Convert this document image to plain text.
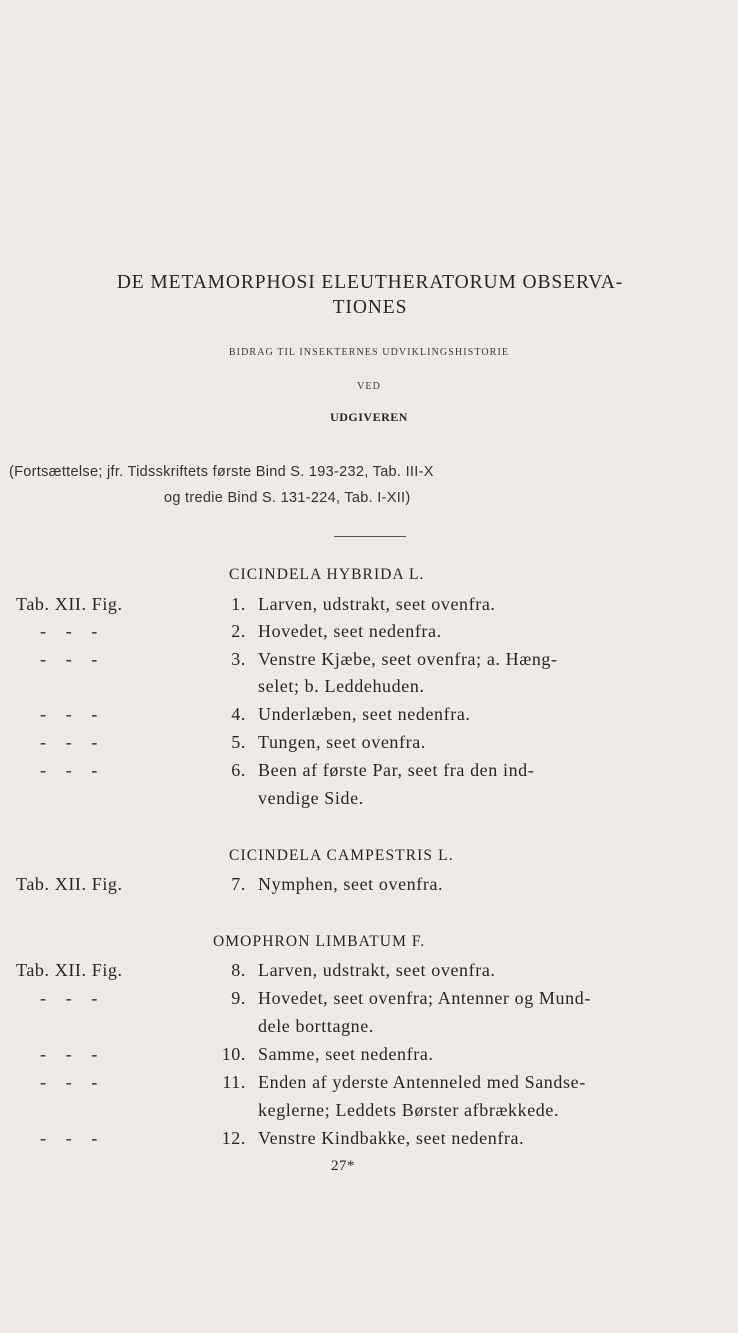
DE METAMORPHOSI ELEUTHERATORUM OBSERVA-
TIONES
BIDRAG TIL INSEKTERNES UDVIKLINGSHISTORIE
VED
UDGIVEREN
(Fortsættelse; jfr. Tidsskriftets første Bind S. 193-232, Tab. III-X
og tredie Bind S. 131-224, Tab. I-XII)
CICINDELA HYBRIDA L.
Tab. XII. Fig.	1. Larven, udstrakt, seet ovenfra.
- - -	2. Hovedet, seet nedenfra.
- - -	3. Venstre Kjæbe, seet ovenfra; a. Hæng-
selet; b. Leddehuden.
- - -	4. Underlæben, seet nedenfra.
- - -	5. Tungen, seet ovenfra.
- - -	6. Been af første Par, seet fra den ind-
vendige Side.
CICINDELA CAMPESTRIS L.
Tab. XII. Fig.	7. Nymphen, seet ovenfra.
OMOPHRON LIMBATUM F.
Tab. XII. Fig.	8. Larven, udstrakt, seet ovenfra.
- - -	9. Hovedet, seet ovenfra; Antenner og Mund-
dele borttagne.
- - -	10. Samme, seet nedenfra.
- - -	11. Enden af yderste Antenneled med Sandse-
keglerne; Leddets Børster afbrækkede.
- - -	12. Venstre Kindbakke, seet nedenfra.
27*
